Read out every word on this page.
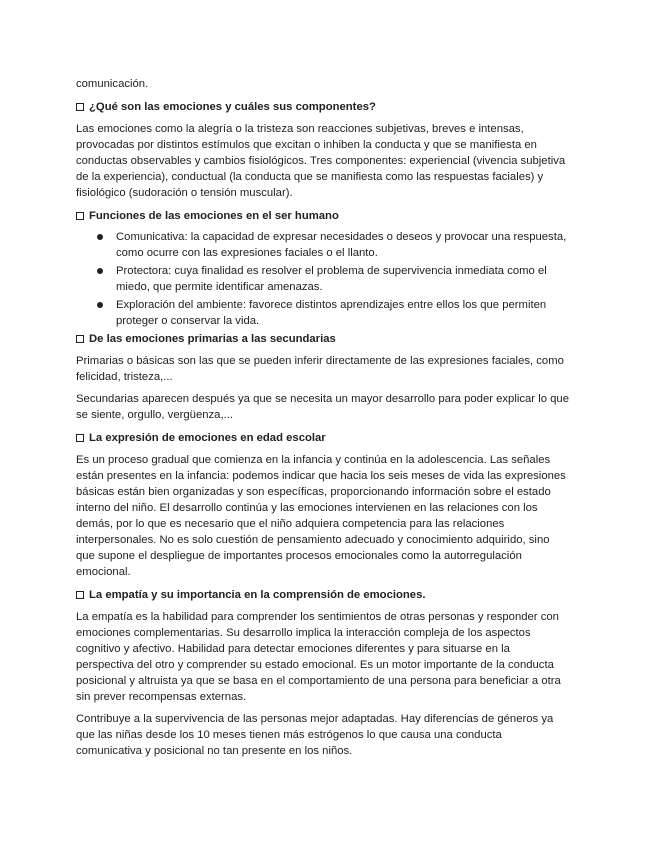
comunicación.

¿Qué son las emociones y cuáles sus componentes?

Las emociones como la alegría o la tristeza son reacciones subjetivas, breves e intensas, provocadas por distintos estímulos que excitan o inhiben la conducta y que se manifiesta en conductas observables y cambios fisiológicos. Tres componentes: experiencial (vivencia subjetiva de la experiencia), conductual (la conducta que se manifiesta como las respuestas faciales) y fisiológico (sudoración o tensión muscular).

Funciones de las emociones en el ser humano
Comunicativa: la capacidad de expresar necesidades o deseos y provocar una respuesta, como ocurre con las expresiones faciales o el llanto.
Protectora: cuya finalidad es resolver el problema de supervivencia inmediata como el miedo, que permite identificar amenazas.
Exploración del ambiente: favorece distintos aprendizajes entre ellos los que permiten proteger o conservar la vida.
De las emociones primarias a las secundarias

Primarias o básicas son las que se pueden inferir directamente de las expresiones faciales, como felicidad, tristeza,...

Secundarias aparecen después ya que se necesita un mayor desarrollo para poder explicar lo que se siente, orgullo, vergüenza,...

La expresión de emociones en edad escolar

Es un proceso gradual que comienza en la infancia y continúa en la adolescencia. Las señales están presentes en la infancia: podemos indicar que hacia los seis meses de vida las expresiones básicas están bien organizadas y son específicas, proporcionando información sobre el estado interno del niño. El desarrollo continúa y las emociones intervienen en las relaciones con los demás, por lo que es necesario que el niño adquiera competencia para las relaciones interpersonales. No es solo cuestión de pensamiento adecuado y conocimiento adquirido, sino que supone el despliegue de importantes procesos emocionales como la autorregulación emocional.

La empatía y su importancia en la comprensión de emociones.

La empatía es la habilidad para comprender los sentimientos de otras personas y responder con emociones complementarias. Su desarrollo implica la interacción compleja de los aspectos cognitivo y afectivo. Habilidad para detectar emociones diferentes y para situarse en la perspectiva del otro y comprender su estado emocional. Es un motor importante de la conducta posicional y altruista ya que se basa en el comportamiento de una persona para beneficiar a otra sin prever recompensas externas.

Contribuye a la supervivencia de las personas mejor adaptadas. Hay diferencias de géneros ya que las niñas desde los 10 meses tienen más estrógenos lo que causa una conducta comunicativa y posicional no tan presente en los niños.
